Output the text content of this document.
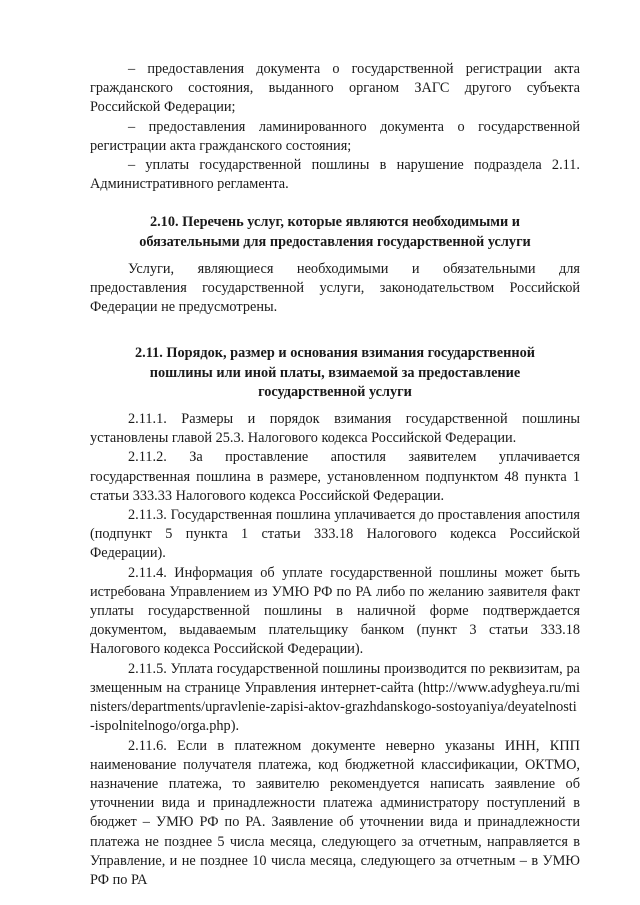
– предоставления документа о государственной регистрации акта гражданского состояния, выданного органом ЗАГС другого субъекта Российской Федерации;

– предоставления ламинированного документа о государственной регистрации акта гражданского состояния;

– уплаты государственной пошлины в нарушение подраздела 2.11. Административного регламента.

2.10. Перечень услуг, которые являются необходимыми и обязательными для предоставления государственной услуги

Услуги, являющиеся необходимыми и обязательными для предоставления государственной услуги, законодательством Российской Федерации не предусмотрены.

2.11. Порядок, размер и основания взимания государственной пошлины или иной платы, взимаемой за предоставление государственной услуги

2.11.1. Размеры и порядок взимания государственной пошлины установлены главой 25.3. Налогового кодекса Российской Федерации.

2.11.2. За проставление апостиля заявителем уплачивается государственная пошлина в размере, установленном подпунктом 48 пункта 1 статьи 333.33 Налогового кодекса Российской Федерации.

2.11.3. Государственная пошлина уплачивается до проставления апостиля (подпункт 5 пункта 1 статьи 333.18 Налогового кодекса Российской Федерации).

2.11.4. Информация об уплате государственной пошлины может быть истребована Управлением из УМЮ РФ по РА либо по желанию заявителя факт уплаты государственной пошлины в наличной форме подтверждается документом, выдаваемым плательщику банком (пункт 3 статьи 333.18 Налогового кодекса Российской Федерации).

2.11.5. Уплата государственной пошлины производится по реквизитам, размещенным на странице Управления интернет-сайта (http://www.adygheya.ru/ministers/departments/upravlenie-zapisi-aktov-grazhdanskogo-sostoyaniya/deyatelnosti-ispolnitelnogo/orga.php).

2.11.6. Если в платежном документе неверно указаны ИНН, КПП наименование получателя платежа, код бюджетной классификации, ОКТМО, назначение платежа, то заявителю рекомендуется написать заявление об уточнении вида и принадлежности платежа администратору поступлений в бюджет – УМЮ РФ по РА. Заявление об уточнении вида и принадлежности платежа не позднее 5 числа месяца, следующего за отчетным, направляется в Управление, и не позднее 10 числа месяца, следующего за отчетным – в УМЮ РФ по РА
